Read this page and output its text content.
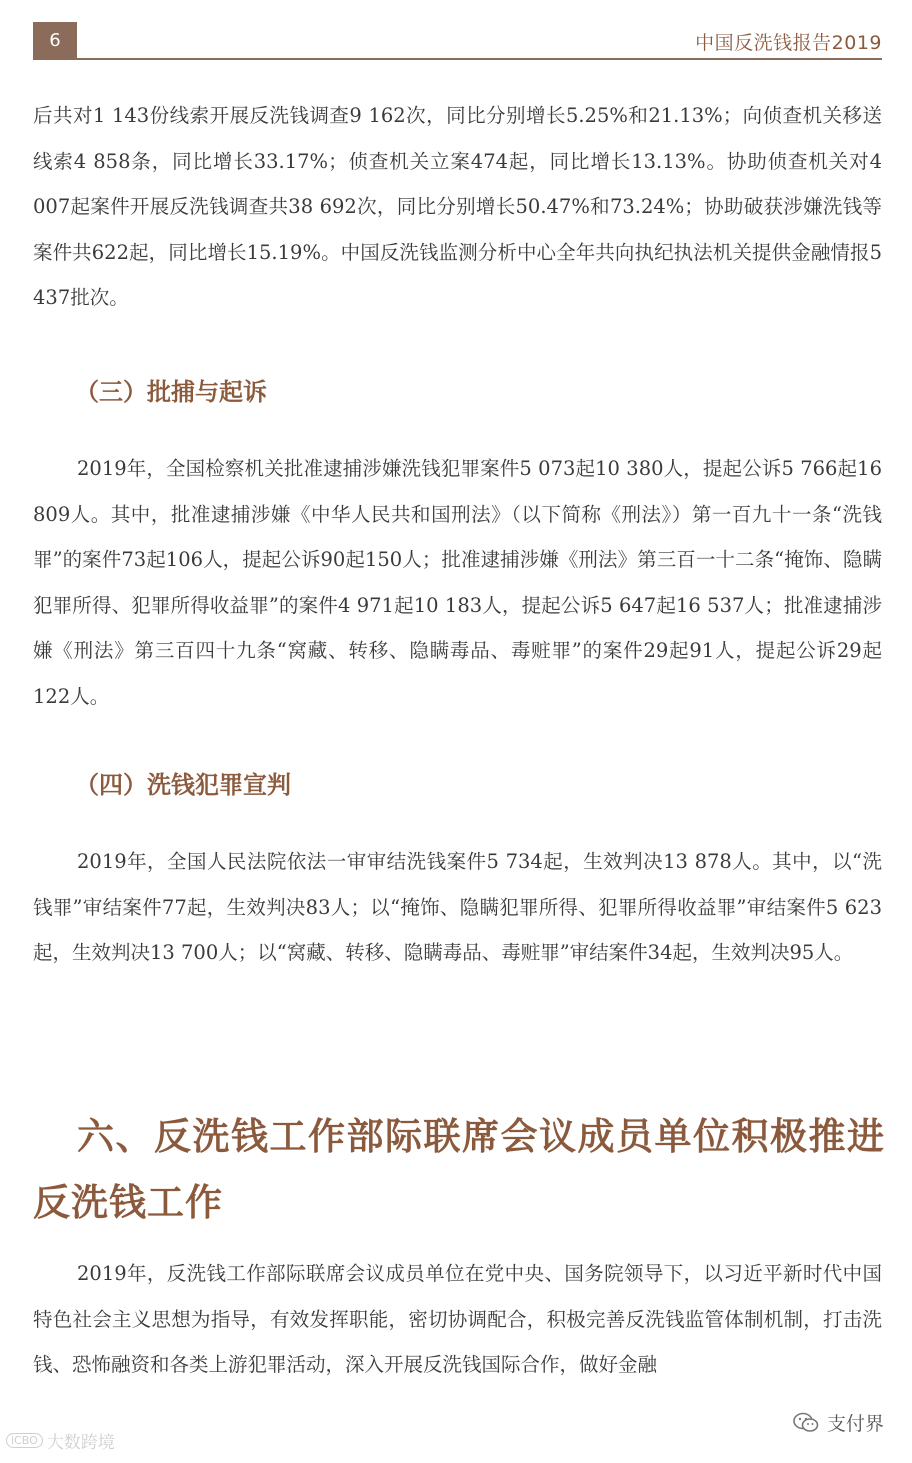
6	中国反洗钱报告2019

后共对1 143份线索开展反洗钱调查9 162次，同比分别增长5.25%和21.13%；向侦查机关移送线索4 858条，同比增长33.17%；侦查机关立案474起，同比增长13.13%。协助侦查机关对4 007起案件开展反洗钱调查共38 692次，同比分别增长50.47%和73.24%；协助破获涉嫌洗钱等案件共622起，同比增长15.19%。中国反洗钱监测分析中心全年共向执纪执法机关提供金融情报5 437批次。

（三）批捕与起诉

2019年，全国检察机关批准逮捕涉嫌洗钱犯罪案件5 073起10 380人，提起公诉5 766起16 809人。其中，批准逮捕涉嫌《中华人民共和国刑法》（以下简称《刑法》）第一百九十一条“洗钱罪”的案件73起106人，提起公诉90起150人；批准逮捕涉嫌《刑法》第三百一十二条“掩饰、隐瞒犯罪所得、犯罪所得收益罪”的案件4 971起10 183人，提起公诉5 647起16 537人；批准逮捕涉嫌《刑法》第三百四十九条“窝藏、转移、隐瞒毒品、毒赃罪”的案件29起91人，提起公诉29起122人。

（四）洗钱犯罪宣判

2019年，全国人民法院依法一审审结洗钱案件5 734起，生效判决13 878人。其中，以“洗钱罪”审结案件77起，生效判决83人；以“掩饰、隐瞒犯罪所得、犯罪所得收益罪”审结案件5 623起，生效判决13 700人；以“窝藏、转移、隐瞒毒品、毒赃罪”审结案件34起，生效判决95人。

六、反洗钱工作部际联席会议成员单位积极推进反洗钱工作

2019年，反洗钱工作部际联席会议成员单位在党中央、国务院领导下，以习近平新时代中国特色社会主义思想为指导，有效发挥职能，密切协调配合，积极完善反洗钱监管体制机制，打击洗钱、恐怖融资和各类上游犯罪活动，深入开展反洗钱国际合作，做好金融

iCBO 大数跨境
支付界
